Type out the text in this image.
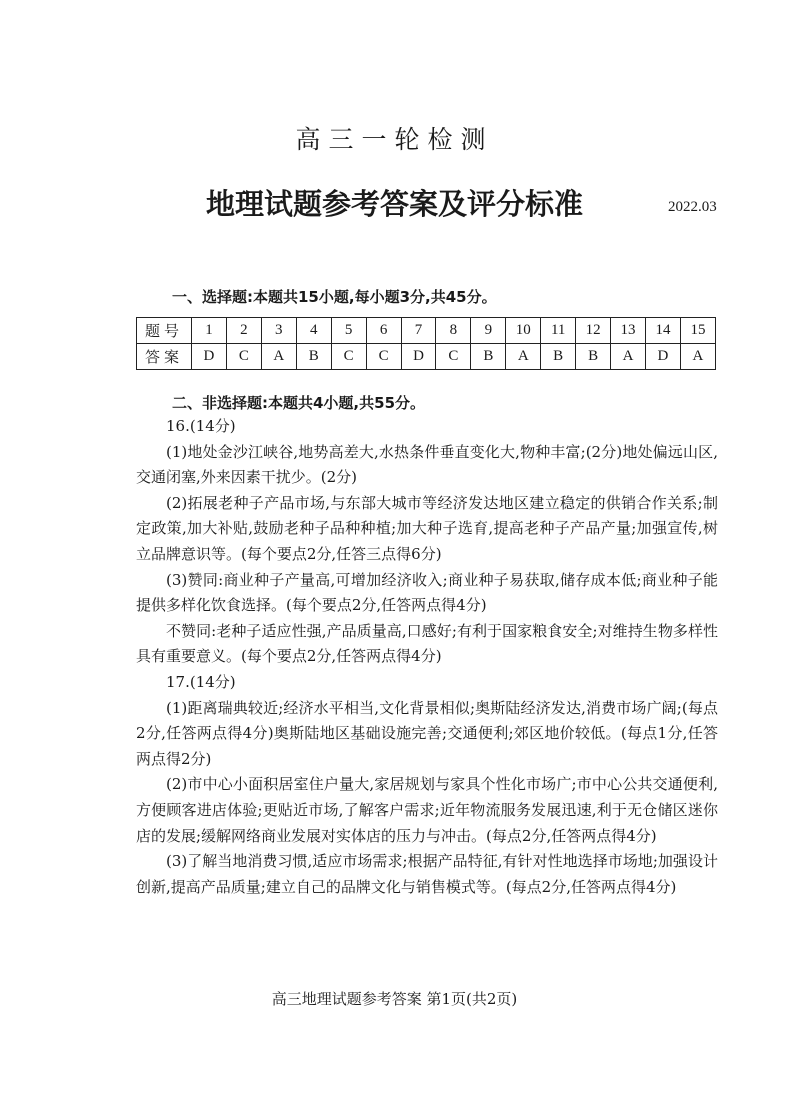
高三一轮检测
地理试题参考答案及评分标准	2022.03
一、选择题:本题共15小题,每小题3分,共45分。
题号	1	2	3	4	5	6	7	8	9	10	11	12	13	14	15
答案	D	C	A	B	C	C	D	C	B	A	B	B	A	D	A
二、非选择题:本题共4小题,共55分。

16.(14分)

(1)地处金沙江峡谷,地势高差大,水热条件垂直变化大,物种丰富;(2分)地处偏远山区,交通闭塞,外来因素干扰少。(2分)

(2)拓展老种子产品市场,与东部大城市等经济发达地区建立稳定的供销合作关系;制定政策,加大补贴,鼓励老种子品种种植;加大种子选育,提高老种子产品产量;加强宣传,树立品牌意识等。(每个要点2分,任答三点得6分)

(3)赞同:商业种子产量高,可增加经济收入;商业种子易获取,储存成本低;商业种子能提供多样化饮食选择。(每个要点2分,任答两点得4分)

不赞同:老种子适应性强,产品质量高,口感好;有利于国家粮食安全;对维持生物多样性具有重要意义。(每个要点2分,任答两点得4分)

17.(14分)

(1)距离瑞典较近;经济水平相当,文化背景相似;奥斯陆经济发达,消费市场广阔;(每点2分,任答两点得4分)奥斯陆地区基础设施完善;交通便利;郊区地价较低。(每点1分,任答两点得2分)

(2)市中心小面积居室住户量大,家居规划与家具个性化市场广;市中心公共交通便利,方便顾客进店体验;更贴近市场,了解客户需求;近年物流服务发展迅速,利于无仓储区迷你店的发展;缓解网络商业发展对实体店的压力与冲击。(每点2分,任答两点得4分)

(3)了解当地消费习惯,适应市场需求;根据产品特征,有针对性地选择市场地;加强设计创新,提高产品质量;建立自己的品牌文化与销售模式等。(每点2分,任答两点得4分)

高三地理试题参考答案 第1页(共2页)
